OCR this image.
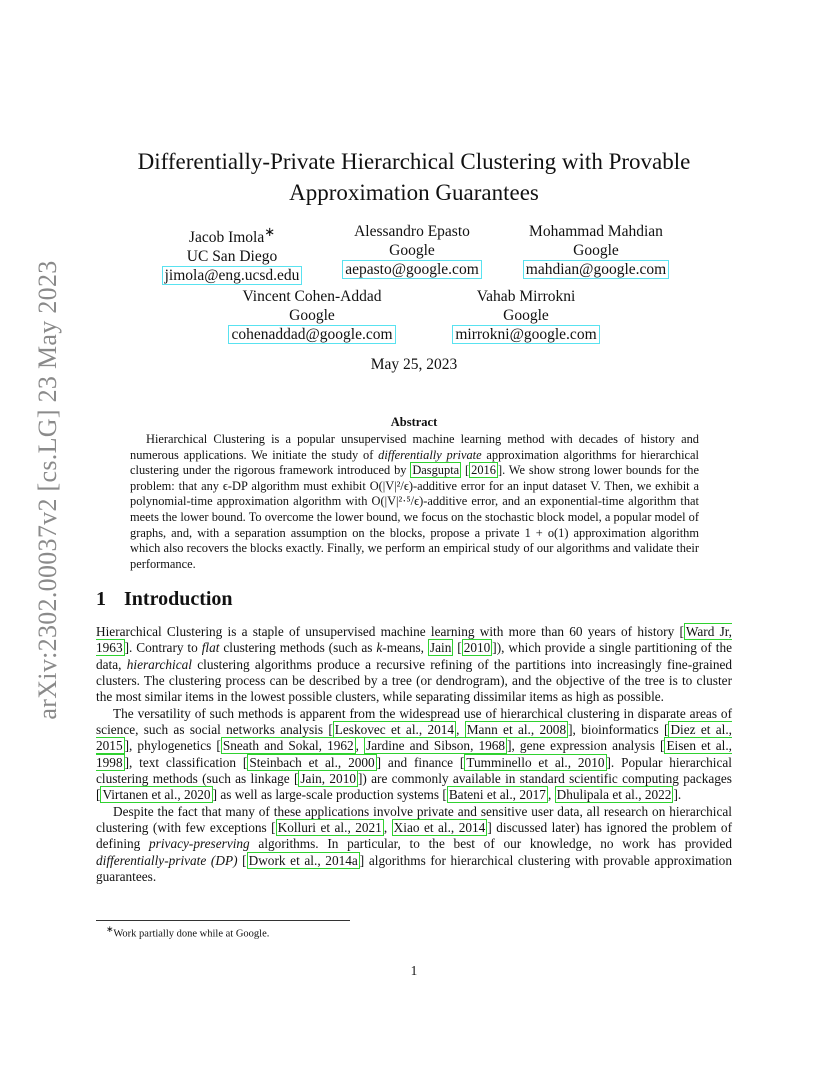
arXiv:2302.00037v2 [cs.LG] 23 May 2023
Differentially-Private Hierarchical Clustering with Provable
Approximation Guarantees
Jacob Imola∗
UC San Diego
jimola@eng.ucsd.edu
Alessandro Epasto
Google
aepasto@google.com
Mohammad Mahdian
Google
mahdian@google.com
Vincent Cohen-Addad
Google
cohenaddad@google.com
Vahab Mirrokni
Google
mirrokni@google.com
May 25, 2023
Abstract

Hierarchical Clustering is a popular unsupervised machine learning method with decades of history and numerous applications. We initiate the study of differentially private approximation algorithms for hierarchical clustering under the rigorous framework introduced by Dasgupta [ 2016 ]. We show strong lower bounds for the problem: that any ϵ-DP algorithm must exhibit O(|V|²/ϵ)-additive error for an input dataset V. Then, we exhibit a polynomial-time approximation algorithm with O(|V|²·⁵/ϵ)-additive error, and an exponential-time algorithm that meets the lower bound. To overcome the lower bound, we focus on the stochastic block model, a popular model of graphs, and, with a separation assumption on the blocks, propose a private 1 + o(1) approximation algorithm which also recovers the blocks exactly. Finally, we perform an empirical study of our algorithms and validate their performance.

1 Introduction

Hierarchical Clustering is a staple of unsupervised machine learning with more than 60 years of history [ Ward Jr, 1963 ]. Contrary to flat clustering methods (such as k-means, Jain [ 2010 ]), which provide a single partitioning of the data, hierarchical clustering algorithms produce a recursive refining of the partitions into increasingly fine-grained clusters. The clustering process can be described by a tree (or dendrogram), and the objective of the tree is to cluster the most similar items in the lowest possible clusters, while separating dissimilar items as high as possible.

The versatility of such methods is apparent from the widespread use of hierarchical clustering in disparate areas of science, such as social networks analysis [ Leskovec et al., 2014 , Mann et al., 2008 ], bioinformatics [ Diez et al., 2015 ], phylogenetics [ Sneath and Sokal, 1962 , Jardine and Sibson, 1968 ], gene expression analysis [ Eisen et al., 1998 ], text classification [ Steinbach et al., 2000 ] and finance [ Tumminello et al., 2010 ]. Popular hierarchical clustering methods (such as linkage [ Jain, 2010 ]) are commonly available in standard scientific computing packages [ Virtanen et al., 2020 ] as well as large-scale production systems [ Bateni et al., 2017 , Dhulipala et al., 2022 ].

Despite the fact that many of these applications involve private and sensitive user data, all research on hierarchical clustering (with few exceptions [ Kolluri et al., 2021 , Xiao et al., 2014 ] discussed later) has ignored the problem of defining privacy-preserving algorithms. In particular, to the best of our knowledge, no work has provided differentially-private (DP) [ Dwork et al., 2014a ] algorithms for hierarchical clustering with provable approximation guarantees.

∗Work partially done while at Google.
1
